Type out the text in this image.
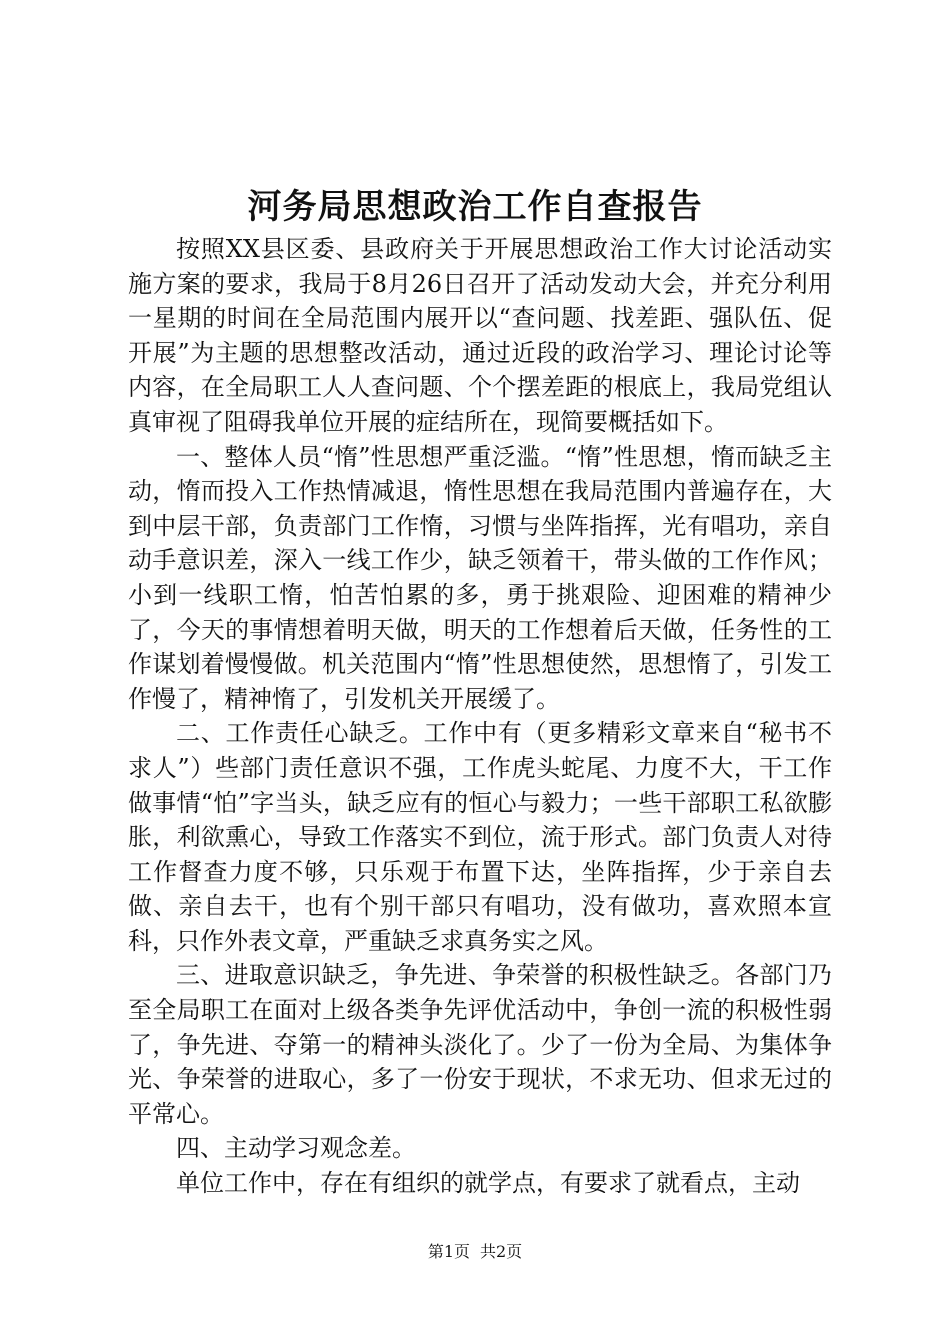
河务局思想政治工作自查报告

按照XX县区委、县政府关于开展思想政治工作大讨论活动实施方案的要求，我局于8月26日召开了活动发动大会，并充分利用一星期的时间在全局范围内展开以“查问题、找差距、强队伍、促开展”为主题的思想整改活动，通过近段的政治学习、理论讨论等内容，在全局职工人人查问题、个个摆差距的根底上，我局党组认真审视了阻碍我单位开展的症结所在，现简要概括如下。

一、整体人员“惰”性思想严重泛滥。“惰”性思想，惰而缺乏主动，惰而投入工作热情减退，惰性思想在我局范围内普遍存在，大到中层干部，负责部门工作惰，习惯与坐阵指挥，光有唱功，亲自动手意识差，深入一线工作少，缺乏领着干，带头做的工作作风；小到一线职工惰，怕苦怕累的多，勇于挑艰险、迎困难的精神少了，今天的事情想着明天做，明天的工作想着后天做，任务性的工作谋划着慢慢做。机关范围内“惰”性思想使然，思想惰了，引发工作慢了，精神惰了，引发机关开展缓了。

二、工作责任心缺乏。工作中有（更多精彩文章来自“秘书不求人”）些部门责任意识不强，工作虎头蛇尾、力度不大，干工作做事情“怕”字当头，缺乏应有的恒心与毅力；一些干部职工私欲膨胀，利欲熏心，导致工作落实不到位，流于形式。部门负责人对待工作督查力度不够，只乐观于布置下达，坐阵指挥，少于亲自去做、亲自去干，也有个别干部只有唱功，没有做功，喜欢照本宣科，只作外表文章，严重缺乏求真务实之风。

三、进取意识缺乏，争先进、争荣誉的积极性缺乏。各部门乃至全局职工在面对上级各类争先评优活动中，争创一流的积极性弱了，争先进、夺第一的精神头淡化了。少了一份为全局、为集体争光、争荣誉的进取心，多了一份安于现状，不求无功、但求无过的平常心。

四、主动学习观念差。

单位工作中，存在有组织的就学点，有要求了就看点，主动

第1页 共2页
